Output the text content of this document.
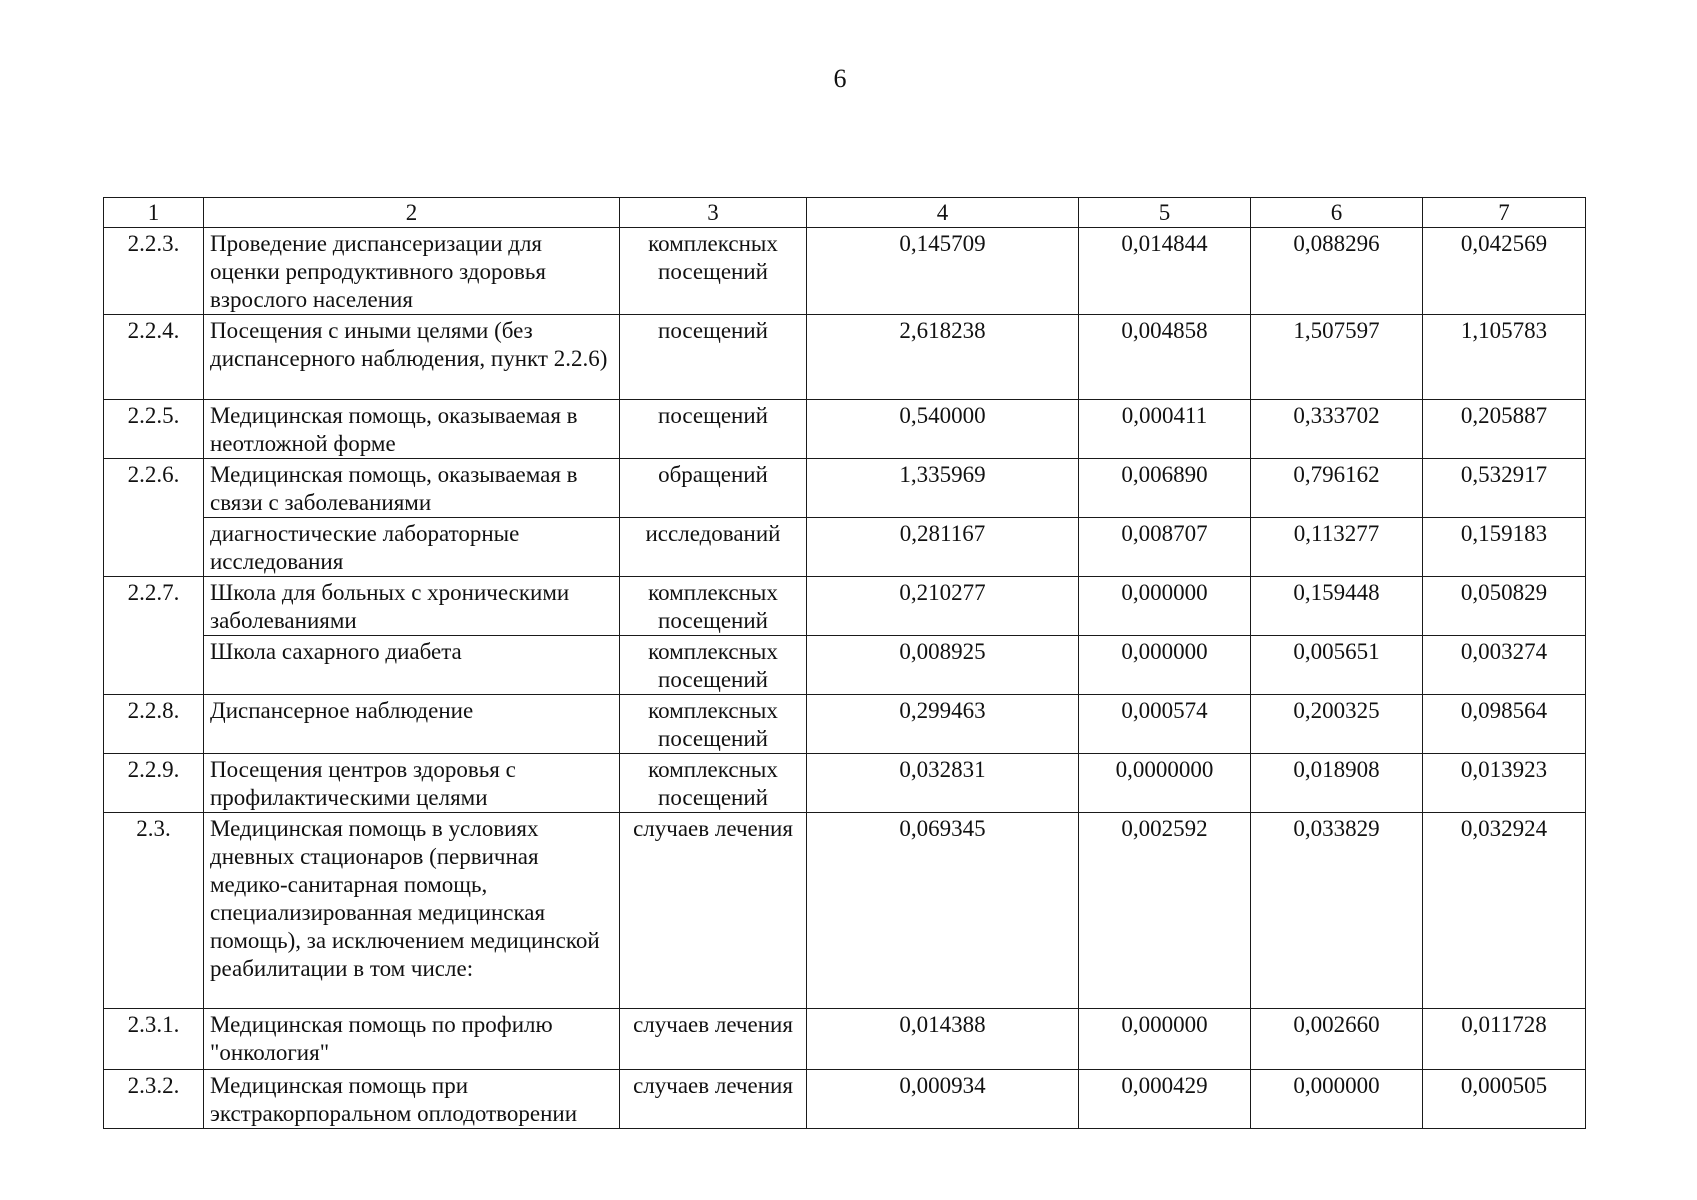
6
1	2	3	4	5	6	7
2.2.3.	Проведение диспансеризации для оценки репродуктивного здоровья взрослого населения	комплексных посещений	0,145709	0,014844	0,088296	0,042569
2.2.4.	Посещения с иными целями (без диспансерного наблюдения, пункт 2.2.6)	посещений	2,618238	0,004858	1,507597	1,105783
2.2.5.	Медицинская помощь, оказываемая в неотложной форме	посещений	0,540000	0,000411	0,333702	0,205887
2.2.6.	Медицинская помощь, оказываемая в связи с заболеваниями	обращений	1,335969	0,006890	0,796162	0,532917
	диагностические лабораторные исследования	исследований	0,281167	0,008707	0,113277	0,159183
2.2.7.	Школа для больных с хроническими заболеваниями	комплексных посещений	0,210277	0,000000	0,159448	0,050829
	Школа сахарного диабета	комплексных посещений	0,008925	0,000000	0,005651	0,003274
2.2.8.	Диспансерное наблюдение	комплексных посещений	0,299463	0,000574	0,200325	0,098564
2.2.9.	Посещения центров здоровья с профилактическими целями	комплексных посещений	0,032831	0,0000000	0,018908	0,013923
2.3.	Медицинская помощь в условиях дневных стационаров (первичная медико-санитарная помощь, специализированная медицинская помощь), за исключением медицинской реабилитации в том числе:	случаев лечения	0,069345	0,002592	0,033829	0,032924
2.3.1.	Медицинская помощь по профилю "онкология"	случаев лечения	0,014388	0,000000	0,002660	0,011728
2.3.2.	Медицинская помощь при экстракорпоральном оплодотворении	случаев лечения	0,000934	0,000429	0,000000	0,000505
